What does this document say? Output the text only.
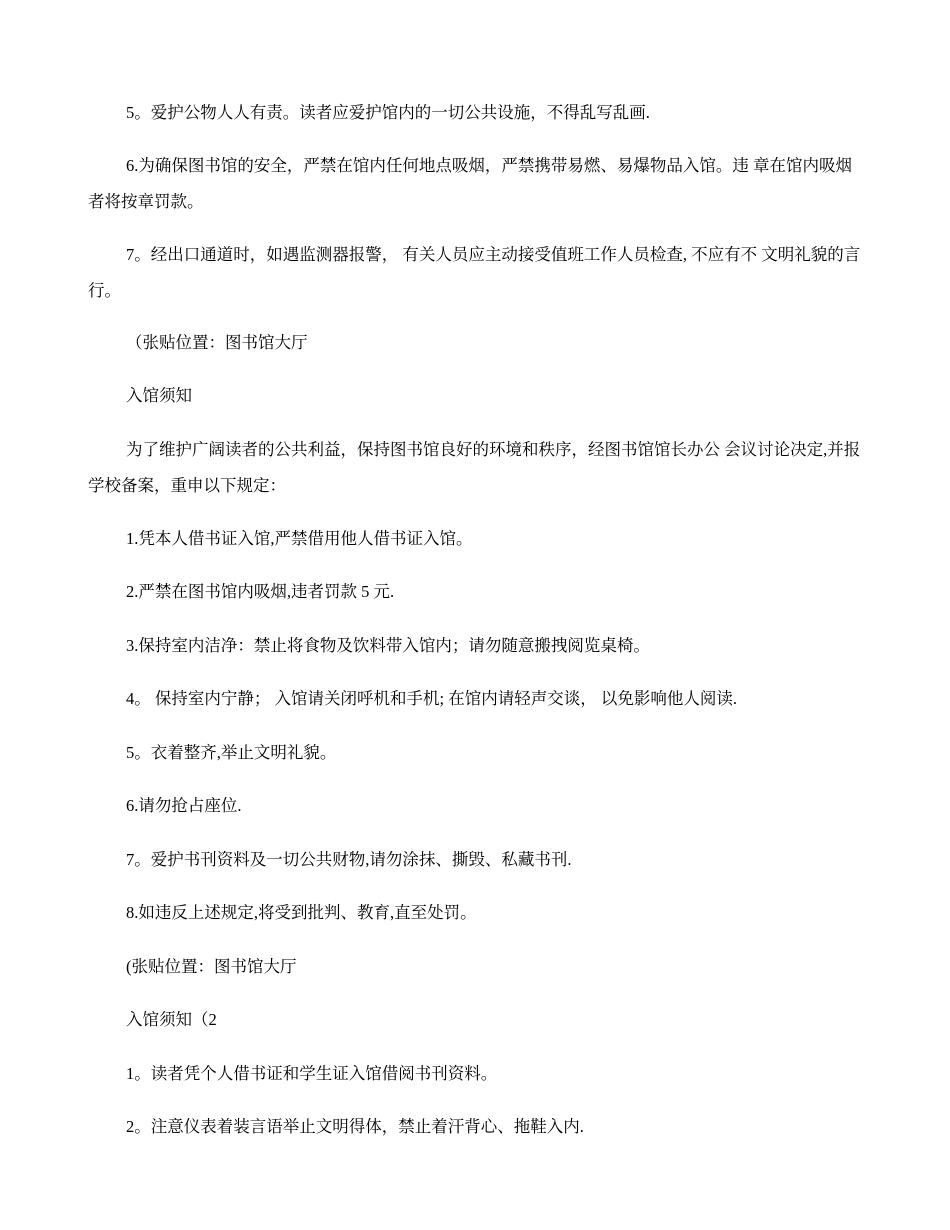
5。爱护公物人人有责。读者应爱护馆内的一切公共设施，不得乱写乱画.

6.为确保图书馆的安全，严禁在馆内任何地点吸烟，严禁携带易燃、易爆物品入馆。违 章在馆内吸烟者将按章罚款。

7。经出口通道时，如遇监测器报警， 有关人员应主动接受值班工作人员检查, 不应有不 文明礼貌的言行。

（张贴位置：图书馆大厅

入馆须知

为了维护广阔读者的公共利益，保持图书馆良好的环境和秩序，经图书馆馆长办公 会议讨论决定,并报学校备案，重申以下规定：

1.凭本人借书证入馆,严禁借用他人借书证入馆。

2.严禁在图书馆内吸烟,违者罚款 5 元.

3.保持室内洁净：禁止将食物及饮料带入馆内；请勿随意搬拽阅览桌椅。

4。 保持室内宁静； 入馆请关闭呼机和手机; 在馆内请轻声交谈， 以免影响他人阅读.

5。衣着整齐,举止文明礼貌。

6.请勿抢占座位.

7。爱护书刊资料及一切公共财物,请勿涂抹、撕毁、私藏书刊.

8.如违反上述规定,将受到批判、教育,直至处罚。

(张贴位置：图书馆大厅

入馆须知（2

1。读者凭个人借书证和学生证入馆借阅书刊资料。

2。注意仪表着装言语举止文明得体，禁止着汗背心、拖鞋入内.
